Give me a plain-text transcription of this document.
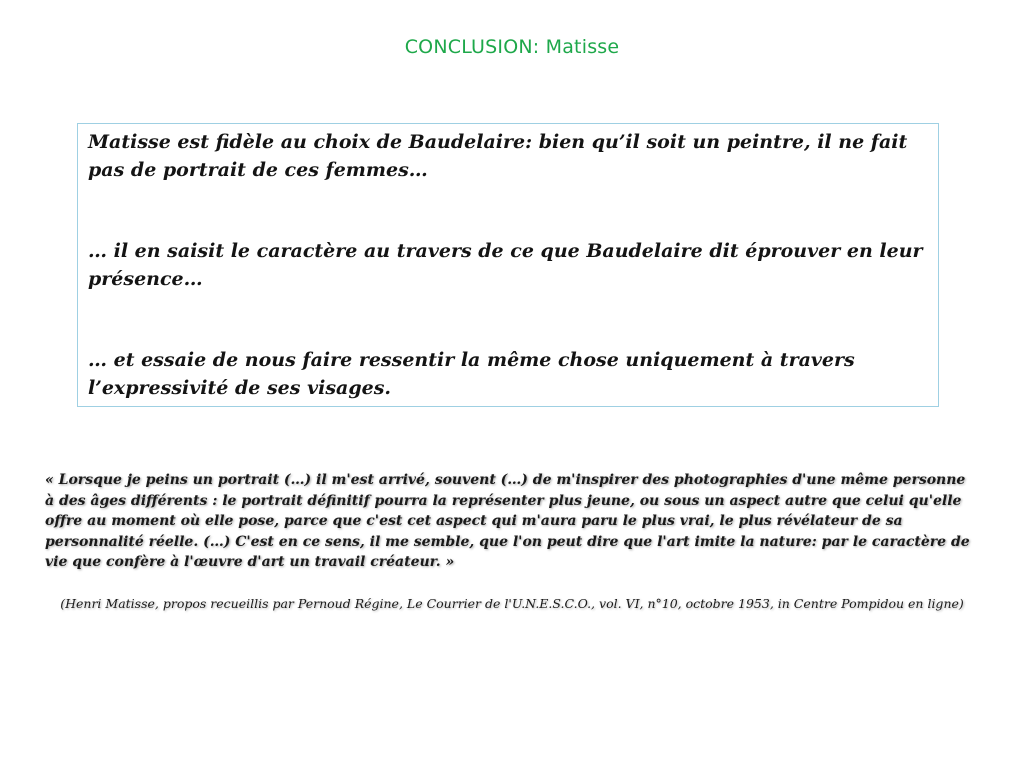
CONCLUSION: Matisse

Matisse est fidèle au choix de Baudelaire: bien qu’il soit un peintre, il ne fait pas de portrait de ces femmes…

… il en saisit le caractère au travers de ce que Baudelaire dit éprouver en leur présence…

… et essaie de nous faire ressentir la même chose uniquement à travers l’expressivité de ses visages.

« Lorsque je peins un portrait (…) il m'est arrivé, souvent (…) de m'inspirer des photographies d'une même personne à des âges différents : le portrait définitif pourra la représenter plus jeune, ou sous un aspect autre que celui qu'elle offre au moment où elle pose, parce que c'est cet aspect qui m'aura paru le plus vrai, le plus révélateur de sa personnalité réelle. (…) C'est en ce sens, il me semble, que l'on peut dire que l'art imite la nature: par le caractère de vie que confère à l'œuvre d'art un travail créateur. »
(Henri Matisse, propos recueillis par Pernoud Régine, Le Courrier de l'U.N.E.S.C.O., vol. VI, n°10, octobre 1953, in Centre Pompidou en ligne)
